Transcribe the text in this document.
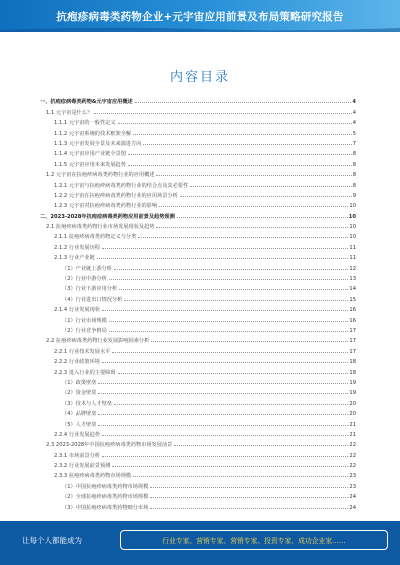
抗疱疹病毒类药物企业+元宇宙应用前景及布局策略研究报告
内容目录
一、抗疱疹病毒类药物&元宇宙应用概述	4
1.1 元宇宙是什么？	4
1.1.1 元宇宙的一般性定义	4
1.1.2 元宇宙系统的技术框架全解	5
1.1.3 元宇宙发展全景及未来演进方向	7
1.1.4 元宇宙应用产业链全景图	8
1.1.5 元宇宙应用未来发展趋势	8
1.2 元宇宙在抗疱疹病毒类药物行业的应用概述	8
1.2.1 元宇宙与抗疱疹病毒类药物行业的结合点及其必要性	8
1.2.2 元宇宙在抗疱疹病毒类药物行业的应用场景分析	9
1.2.3 元宇宙对抗疱疹病毒类药物行业的影响	10
二、2023-2028年抗疱疹病毒类药物应用前景及趋势预测	10
2.1 抗疱疹病毒类药物行业市场发展现状及趋势	10
2.1.1 抗疱疹病毒类药物定义与分类	10
2.1.2 行业发展历程	11
2.1.3 行业产业链	11
（1）产业链上游分析	12
（2）行业中游分析	13
（3）行业下游应用分析	14
（4）行业进出口情况分析	15
2.1.4 行业发展现状	16
（1）行业市场规模	16
（2）行业竞争格局	17
2.2 抗疱疹病毒类药物行业发展影响因素分析	17
2.2.1 行业技术发展水平	17
2.2.2 行业政策环境	18
2.2.3 进入行业的主要障碍	18
（1）政策壁垒	19
（2）资金壁垒	19
（3）技术与人才壁垒	20
（4）品牌壁垒	20
（5）人才壁垒	21
2.2.4 行业发展趋势	21
2.3 2023-2028年中国抗疱疹病毒类药物市场发展前景	22
2.3.1 市场前景分析	22
2.3.2 行业发展前景预测	22
2.3.3 抗疱疹病毒类药物市场规模	23
（1）中国抗疱疹病毒类药物市场规模	23
（2）全球抗疱疹病毒类药物市场规模	24
（3）中国抗疱疹病毒类药物细分市场	24
让每个人都能成为	行业专家、营销专家、营销专家、投资专家、成功企业家……
